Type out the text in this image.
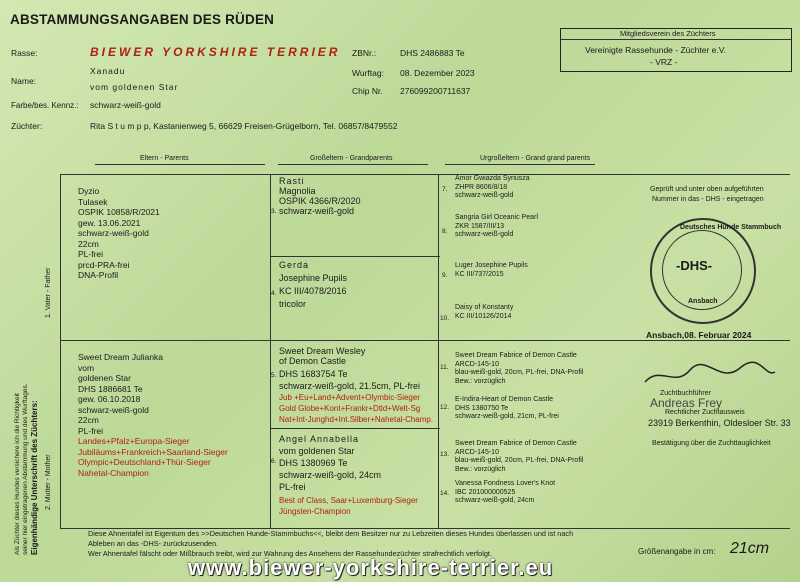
ABSTAMMUNGSANGABEN DES RÜDEN
Mitgliedsverein des Züchters
Vereinigte Rassehunde - Züchter e.V.
- VRZ -
Rasse:	BIEWER YORKSHIRE TERRIER ZBNr.:	DHS 2486883 Te
Name:
Xanadu
vom goldenen Star
Wurftag: 08. Dezember 2023
Chip Nr. 276099200711637
Farbe/bes. Kennz.: schwarz-weiß-gold
Züchter:	Rita S t u m p p, Kastanienweg 5, 66629 Freisen-Grügelborn, Tel. 06857/8479552
Eltern - Parents	Großeltern - Grandparents	Urgroßeltern - Grand grand parents
1. Vater - Father
2. Mutter - Mother
Als Züchter dieses Hundes versichere ich die Richtigkeit seiner hier eingetragenen Abstammung und des Wurftages. Eigenhändige Unterschrift des Züchters:
Dyzio
Tulasek
OSPIK 10858/R/2021
gew. 13.06.2021
schwarz-weiß-gold
22cm
PL-frei
prcd-PRA-frei
DNA-Profil
Sweet Dream Julianka
vom
goldenen Star
DHS 1886681 Te
gew. 06.10.2018
schwarz-weiß-gold
22cm
PL-frei
Landes+Pfalz+Europa-Sieger
Jubiläums+Frankreich+Saarland-Sieger
Olympic+Deutschland+Thür-Sieger
Nahetal-Champion
Rasti
Magnolia
OSPIK 4366/R/2020
schwarz-weiß-gold
3.
Gerda
Josephine Pupils
KC III/4078/2016
tricolor
4.
Sweet Dream Wesley
of Demon Castle
DHS 1683754 Te
schwarz-weiß-gold, 21.5cm, PL-frei
Jub +Eu+Land+Advent+Olymbic-Sieger
Gold Globe+Kont+Frankr+Dtld+Welt-Sg
Nat+Int-Junghd+Int.Silber+Nahetal-Champ.
5.
Angel Annabella
vom goldenen Star
DHS 1380969 Te
schwarz-weiß-gold, 24cm
PL-frei
Best of Class, Saar+Luxemburg-Sieger
Jüngsten-Champion
6.
Amor Gwiazda Syriusza
ZHPR 8606/8/18
schwarz-weiß-gold
7.
Sangria Girl Oceanic Pearl
ZKR 1587/III/13
schwarz-weiß-gold
8.
Luger Josephine Pupils
KC III/737/2015
9.
Daisy of Konstanty
KC III/10126/2014
10.
Sweet Dream Fabrice of Demon Castle
ARCD-145-10
blau-weiß-gold, 20cm, PL-frei, DNA-Profil
Bew.: vorzüglich
11.
E-Indira-Heart of Demon Castle
DHS 1380750 Te
schwarz-weiß-gold, 21cm, PL-frei
12.
Sweet Dream Fabrice of Demon Castle
ARCD-145-10
blau-weiß-gold, 20cm, PL-frei, DNA-Profil
Bew.: vorzüglich
13.
Vanessa Fondness Lover's Knot
IBC 201000000525
schwarz-weiß-gold, 24cm
14.
Geprüft und unter oben aufgeführten
Nummer in das - DHS - eingetragen
-DHS-
Deutsches Hunde Stammbuch
Ansbach
Ansbach,08. Februar 2024
Zuchtbuchführer
Andreas Frey
Rechtlicher Zuchtausweis
23919 Berkenthin, Oldesloer Str. 33
Bestätigung über die Zuchttauglichkeit
Diese Ahnentafel ist Eigentum des >>Deutschen Hunde-Stammbuchs<<, bleibt dem Besitzer nur zu Lebzeiten dieses Hundes überlassen und ist nach
Ableben an das -DHS- zurückzusenden.
Wer Ahnentafel fälscht oder Mißbrauch treibt, wird zur Wahrung des Ansehens der Rassehundezüchter strafrechtlich verfolgt.	Größenangabe in cm: 21cm
www.biewer-yorkshire-terrier.eu
